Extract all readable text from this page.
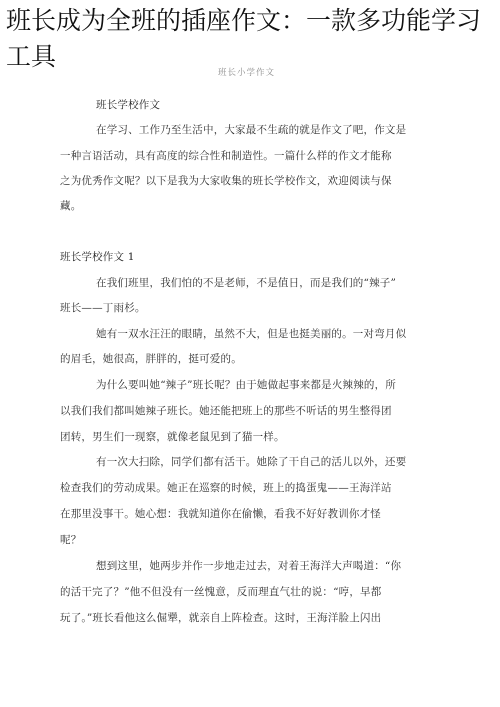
班长小学作文
班长学校作文
在学习、工作乃至生活中，大家最不生疏的就是作文了吧，作文是
一种言语活动，具有高度的综合性和制造性。一篇什么样的作文才能称
之为优秀作文呢？以下是我为大家收集的班长学校作文，欢迎阅读与保
藏。
班长学校作文 1
在我们班里，我们怕的不是老师，不是值日，而是我们的“辣子”
班长——丁雨杉。
她有一双水汪汪的眼睛，虽然不大，但是也挺美丽的。一对弯月似
的眉毛，她很高，胖胖的，挺可爱的。
为什么要叫她“辣子”班长呢？由于她做起事来都是火辣辣的，所
以我们我们都叫她辣子班长。她还能把班上的那些不听话的男生整得团
团转，男生们一现察，就像老鼠见到了猫一样。
有一次大扫除，同学们都有活干。她除了干自己的活儿以外，还要
检查我们的劳动成果。她正在巡察的时候，班上的捣蛋鬼——王海洋站
在那里没事干。她心想：我就知道你在偷懒，看我不好好教训你才怪
呢？
想到这里，她两步并作一步地走过去，对着王海洋大声喝道：“你
的活干完了？”他不但没有一丝愧意，反而理直气壮的说：“哼，早都
玩了。”班长看他这么倔犟，就亲自上阵检查。这时，王海洋脸上闪出
班长成为全班的插座作文：一款多功能学习工具
